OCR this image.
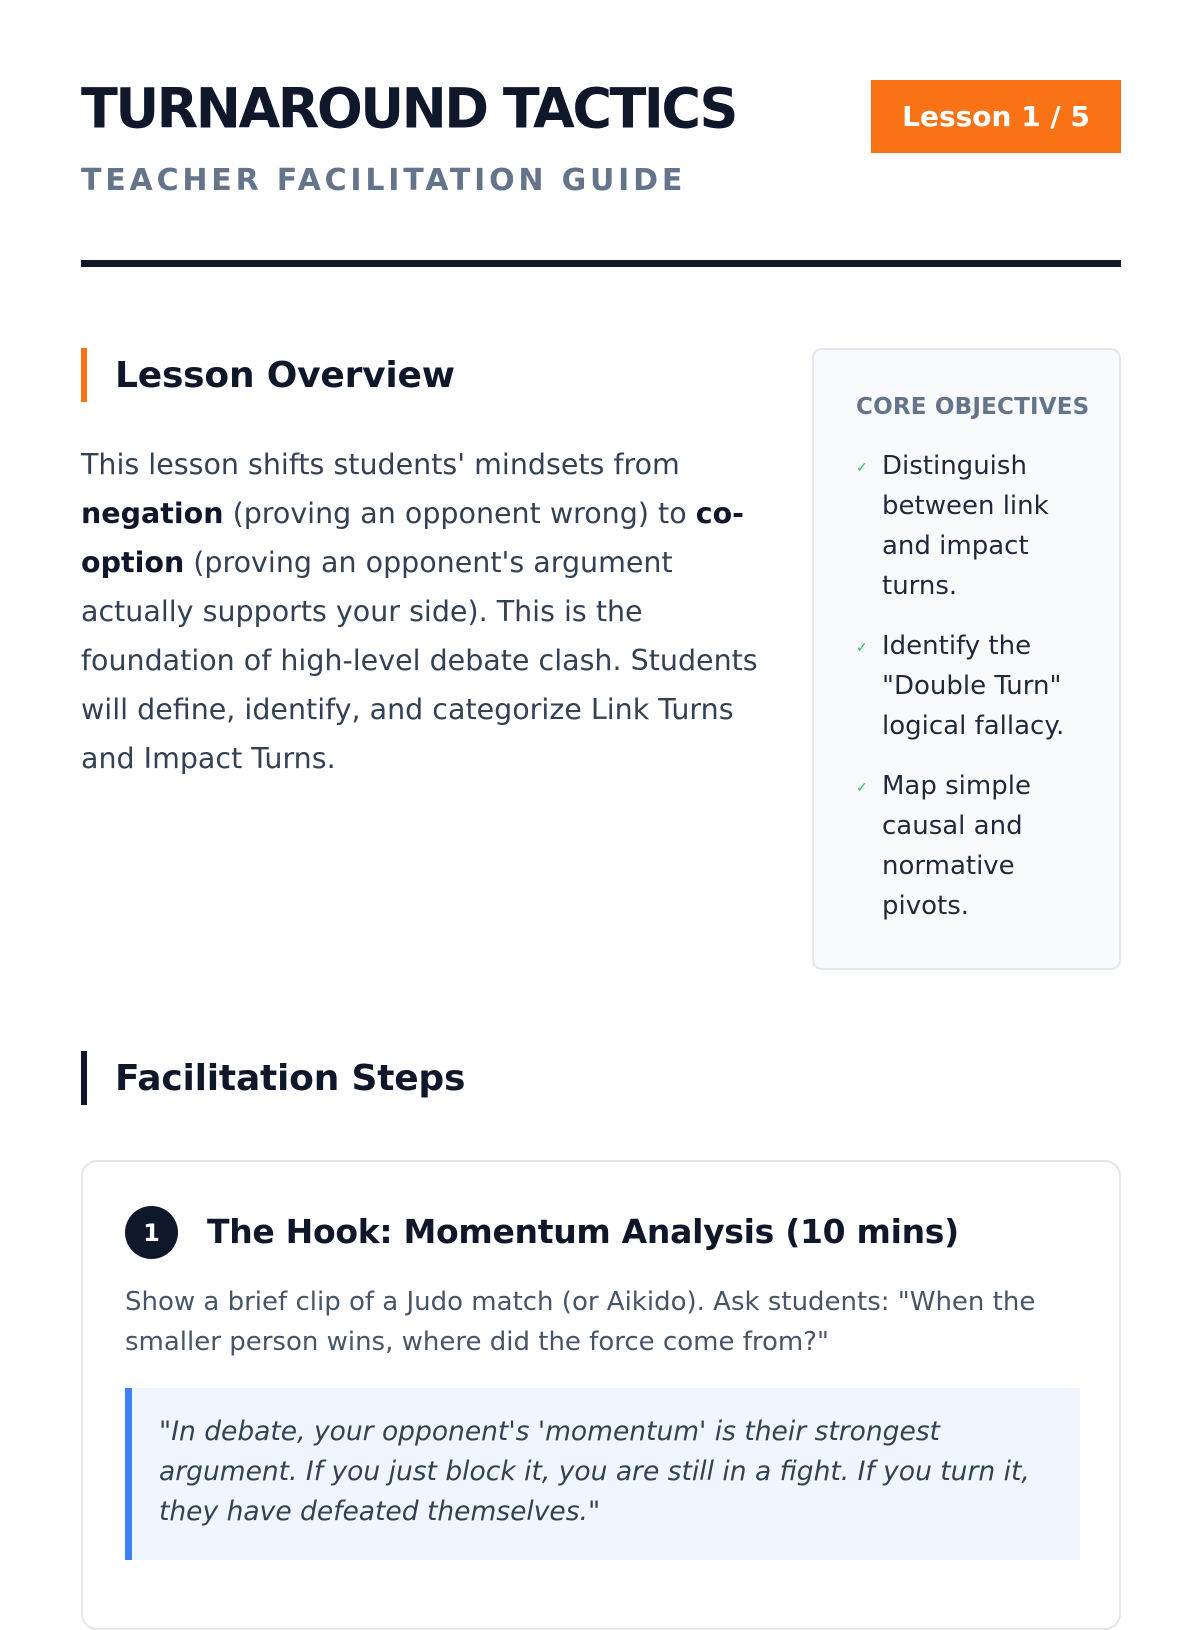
TURNAROUND TACTICS
TEACHER FACILITATION GUIDE
Lesson 1 / 5
Lesson Overview

This lesson shifts students' mindsets from negation (proving an opponent wrong) to co-option (proving an opponent's argument actually supports your side). This is the foundation of high-level debate clash. Students will define, identify, and categorize Link Turns and Impact Turns.

CORE OBJECTIVES
✓ Distinguish between link and impact turns.
✓ Identify the "Double Turn" logical fallacy.
✓ Map simple causal and normative pivots.
Facilitation Steps
1	The Hook: Momentum Analysis (10 mins)

Show a brief clip of a Judo match (or Aikido). Ask students: "When the smaller person wins, where did the force come from?"

"In debate, your opponent's 'momentum' is their strongest argument. If you just block it, you are still in a fight. If you turn it, they have defeated themselves."
